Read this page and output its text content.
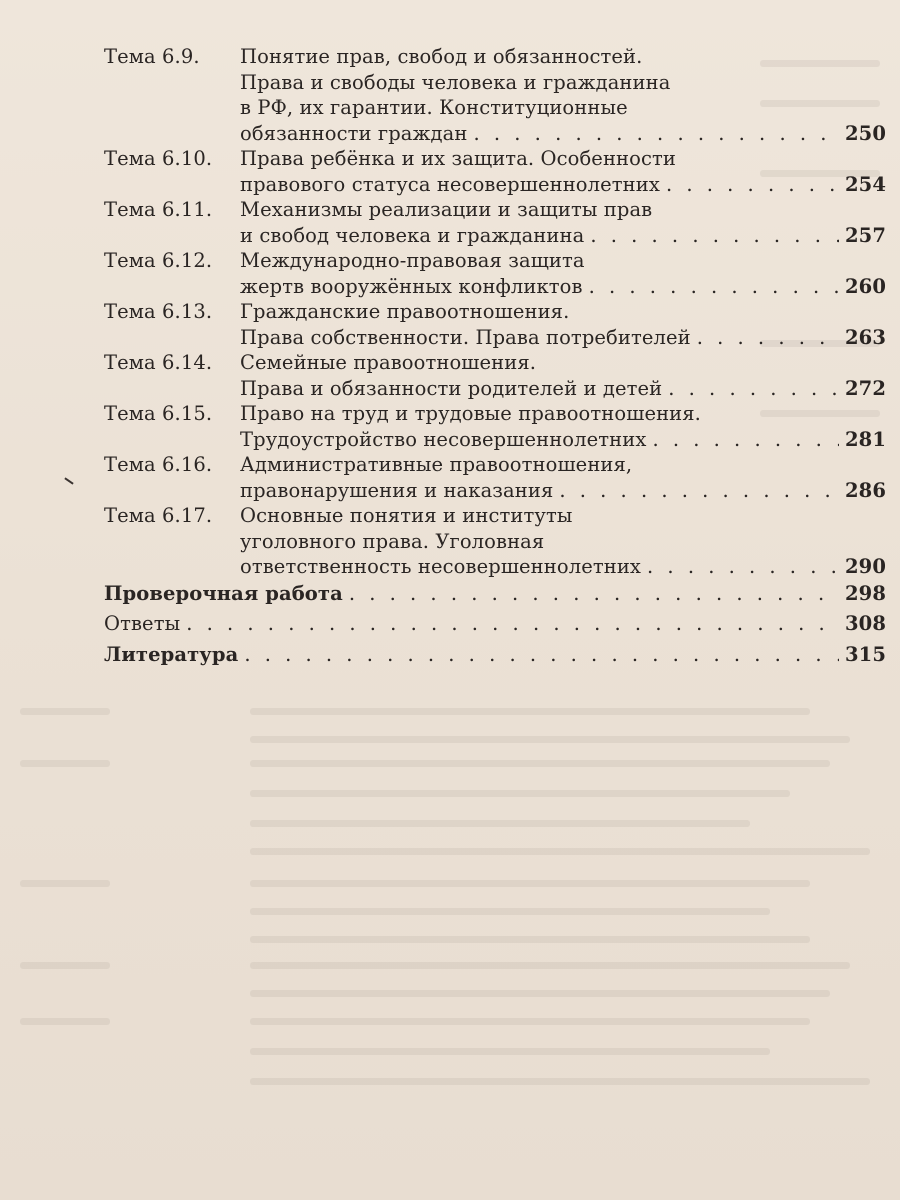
Тема 6.9.	Понятие прав, свобод и обязанностей.
Права и свободы человека и гражданина
в РФ, их гарантии. Конституционные
обязанности граждан . . .	250
Тема 6.10.	Права ребёнка и их защита. Особенности
правового статуса несовершеннолетних . . .	254
Тема 6.11.	Механизмы реализации и защиты прав
и свобод человека и гражданина . . .	257
Тема 6.12.	Международно-правовая защита
жертв вооружённых конфликтов . . .	260
Тема 6.13.	Гражданские правоотношения.
Права собственности. Права потребителей . . .	263
Тема 6.14.	Семейные правоотношения.
Права и обязанности родителей и детей . . .	272
Тема 6.15.	Право на труд и трудовые правоотношения.
Трудоустройство несовершеннолетних . . .	281
Тема 6.16.	Административные правоотношения,
правонарушения и наказания . . .	286
Тема 6.17.	Основные понятия и институты
уголовного права. Уголовная
ответственность несовершеннолетних . . .	290
Проверочная работа . . .	298
Ответы . . .	308
Литература . . .	315
